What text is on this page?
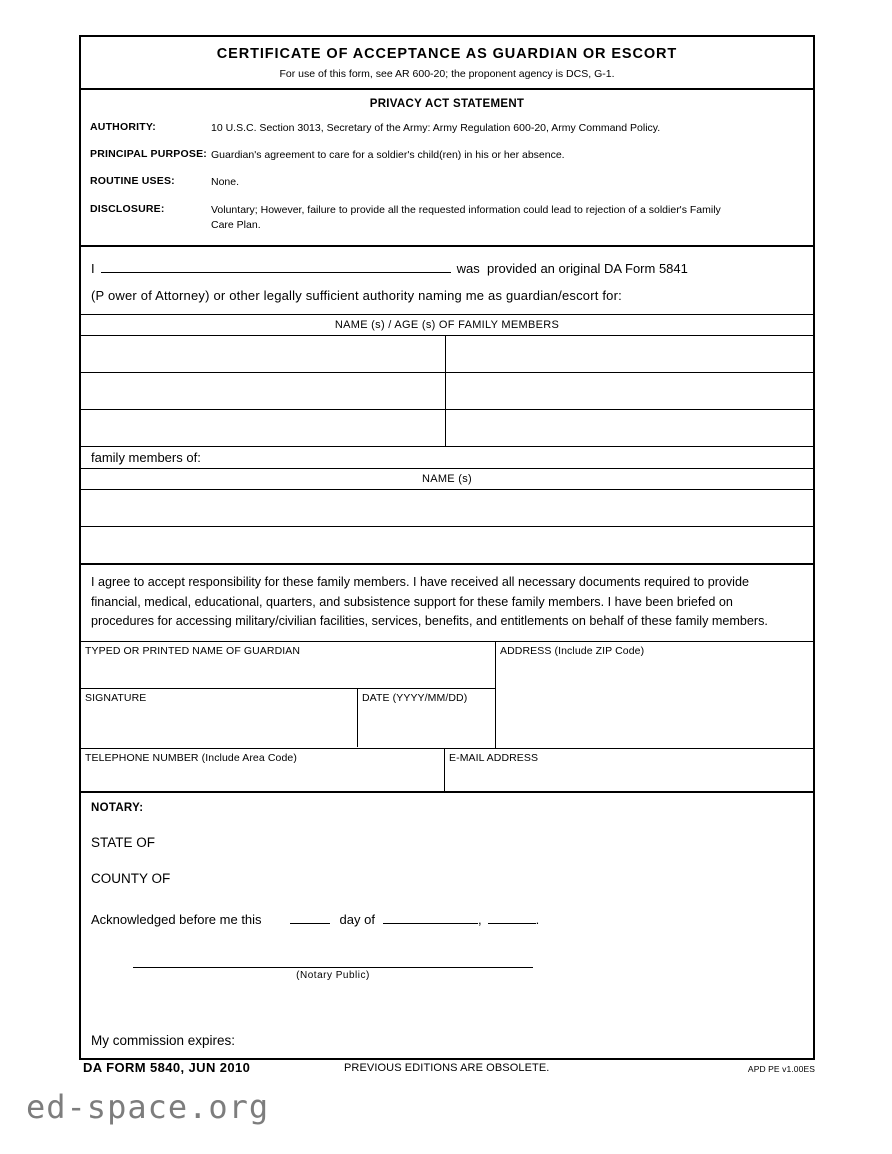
CERTIFICATE OF ACCEPTANCE AS GUARDIAN OR ESCORT
For use of this form, see AR 600-20; the proponent agency is DCS, G-1.
PRIVACY ACT STATEMENT
AUTHORITY:	10 U.S.C. Section 3013, Secretary of the Army: Army Regulation 600-20, Army Command Policy.
PRINCIPAL PURPOSE: Guardian's agreement to care for a soldier's child(ren) in his or her absence.
ROUTINE USES:	None.
DISCLOSURE:	Voluntary; However, failure to provide all the requested information could lead to rejection of a soldier's Family Care Plan.
I	was  provided an original DA Form 5841
(P ower of Attorney) or other legally sufficient authority naming me as guardian/escort for:
NAME (s) / AGE (s) OF FAMILY MEMBERS
family members of:
NAME (s)
I agree to accept responsibility for these family members. I have received all necessary documents required to provide financial, medical, educational, quarters, and subsistence support for these family members. I have been briefed on procedures for accessing military/civilian facilities, services, benefits, and entitlements on behalf of these family members.
TYPED OR PRINTED NAME OF GUARDIAN
SIGNATURE	DATE (YYYY/MM/DD)
ADDRESS (Include ZIP Code)
TELEPHONE NUMBER (Include Area Code)	E-MAIL ADDRESS
NOTARY:
STATE OF
COUNTY OF
Acknowledged before me this	day of	,	.
(Notary Public)
My commission expires:
DA FORM 5840, JUN 2010	PREVIOUS EDITIONS ARE OBSOLETE.	APD PE v1.00ES
ed-space.org
